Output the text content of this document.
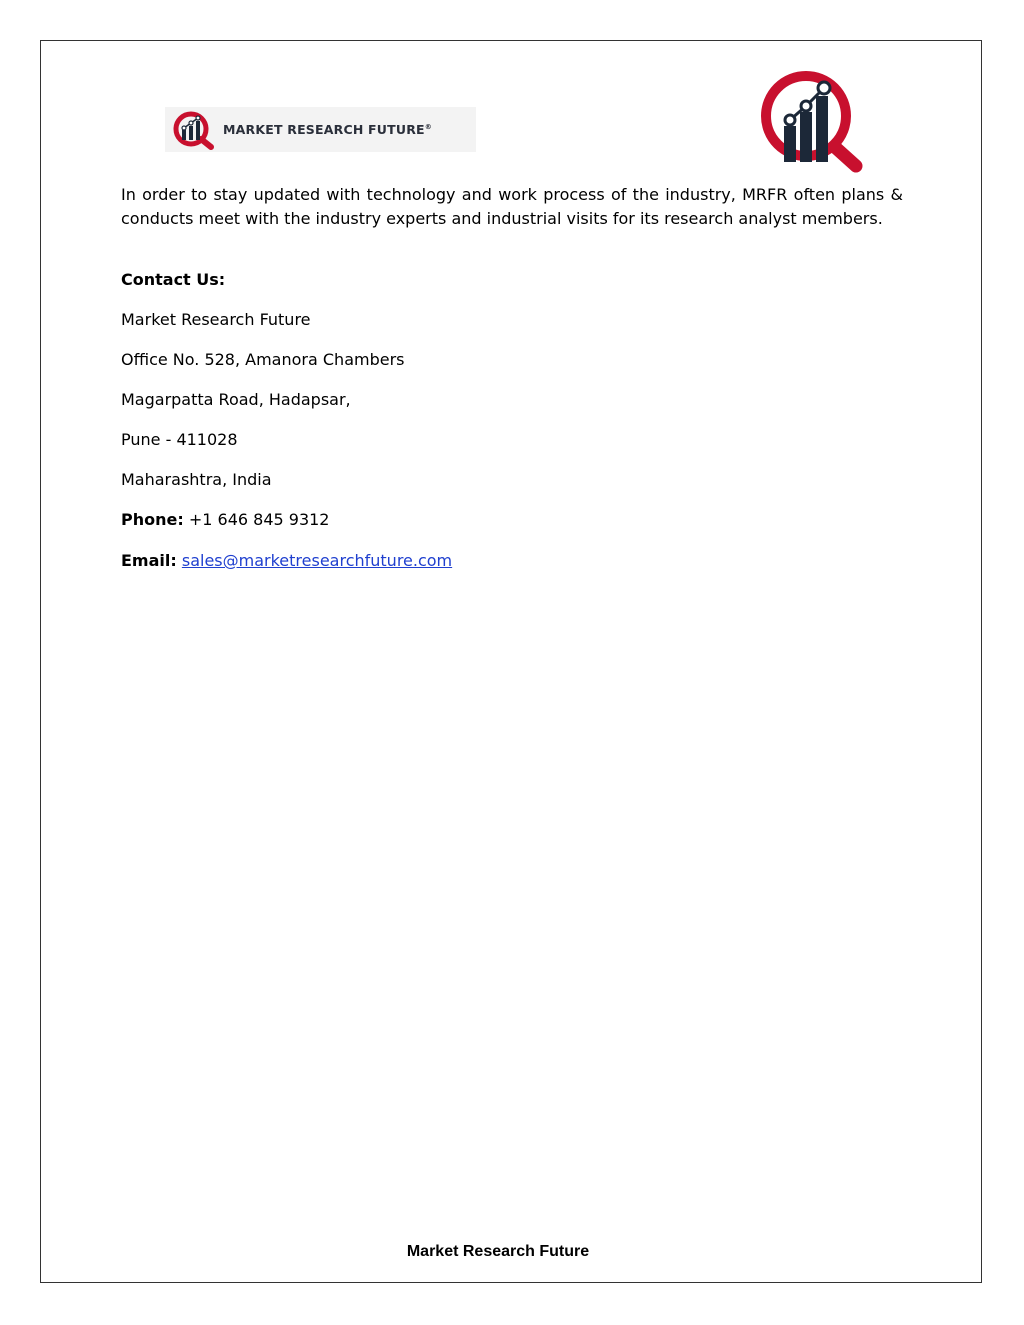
MARKET RESEARCH FUTURE®

In order to stay updated with technology and work process of the industry, MRFR often plans & conducts meet with the industry experts and industrial visits for its research analyst members.

Contact Us:
Market Research Future
Office No. 528, Amanora Chambers
Magarpatta Road, Hadapsar,
Pune - 411028
Maharashtra, India
Phone: +1 646 845 9312
Email: sales@marketresearchfuture.com
Market Research Future
